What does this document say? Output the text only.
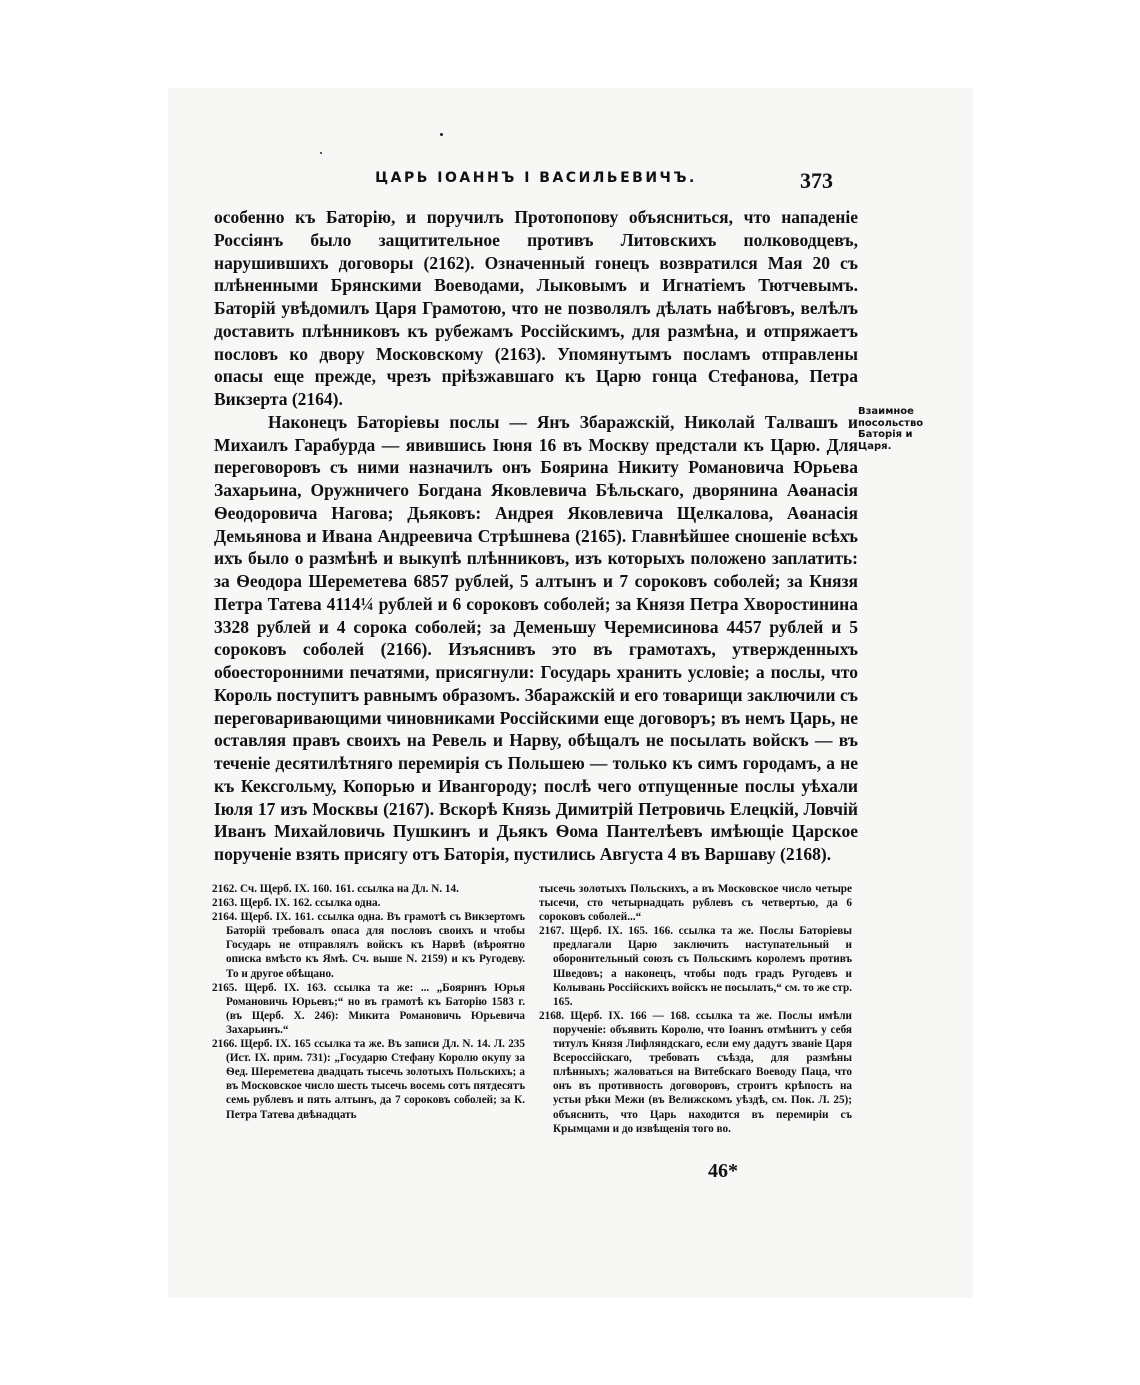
ЦАРЬ ІОАННЪ І ВАСИЛЬЕВИЧЪ.	373

особенно къ Баторію, и поручилъ Протопопову объясниться, что нападеніе Россіянъ было защитительное противъ Литовскихъ полководцевъ, нарушившихъ договоры (2162). Означенный гонецъ возвратился Мая 20 съ плѣненными Брянскими Воеводами, Лыковымъ и Игнатіемъ Тютчевымъ. Баторій увѣдомилъ Царя Грамотою, что не позволялъ дѣлать набѣговъ, велѣлъ доставить плѣнниковъ къ рубежамъ Россійскимъ, для размѣна, и отпряжаетъ пословъ ко двору Московскому (2163). Упомянутымъ посламъ отправлены опасы еще прежде, чрезъ пріѣзжавшаго къ Царю гонца Стефанова, Петра Викзерта (2164).

Наконецъ Баторіевы послы — Янъ Збаражскій, Николай Талвашъ и Михаилъ Гарабурда — явившись Іюня 16 въ Москву предстали къ Царю. Для переговоровъ съ ними назначилъ онъ Боярина Никиту Романовича Юрьева Захарьина, Оружничего Богдана Яковлевича Бѣльскаго, дворянина Аѳанасія Ѳеодоровича Нагова; Дьяковъ: Андрея Яковлевича Щелкалова, Аѳанасія Демьянова и Ивана Андреевича Стрѣшнева (2165). Главнѣйшее сношеніе всѣхъ ихъ было о размѣнѣ и выкупѣ плѣнниковъ, изъ которыхъ положено заплатить: за Ѳеодора Шереметева 6857 рублей, 5 алтынъ и 7 сороковъ соболей; за Князя Петра Татева 4114¼ рублей и 6 сороковъ соболей; за Князя Петра Хворостинина 3328 рублей и 4 сорока соболей; за Деменьшу Черемисинова 4457 рублей и 5 сороковъ соболей (2166). Изъяснивъ это въ грамотахъ, утвержденныхъ обоесторонними печатями, присягнули: Государь хранить условіе; а послы, что Король поступитъ равнымъ образомъ. Збаражскій и его товарищи заключили съ переговаривающими чиновниками Россійскими еще договоръ; въ немъ Царь, не оставляя правъ своихъ на Ревель и Нарву, обѣщалъ не посылать войскъ — въ теченіе десятилѣтняго перемирія съ Польшею — только къ симъ городамъ, а не къ Кексгольму, Копорью и Ивангороду; послѣ чего отпущенные послы уѣхали Іюля 17 изъ Москвы (2167). Вскорѣ Князь Димитрій Петровичь Елецкій, Ловчій Иванъ Михайловичь Пушкинъ и Дьякъ Ѳома Пантелѣевъ имѣющіе Царское порученіе взять присягу отъ Баторія, пустились Августа 4 въ Варшаву (2168).

Взаимное посольство Баторія и Царя.

2162. Сч. Щерб. IX. 160. 161. ссылка на Дл. N. 14.

2163. Щерб. IX. 162. ссылка одна.

2164. Щерб. IX. 161. ссылка одна. Въ грамотѣ съ Викзертомъ Баторій требовалъ опаса для пословъ своихъ и чтобы Государь не отправлялъ войскъ къ Нарвѣ (вѣроятно описка вмѣсто къ Ямѣ. Сч. выше N. 2159) и къ Ругодеву. То и другое обѣщано.

2165. Щерб. IX. 163. ссылка та же: ... „Бояринъ Юрья Романовичь Юрьевъ;“ но въ грамотѣ къ Баторію 1583 г. (въ Щерб. X. 246): Микита Романовичь Юрьевича Захарьинъ.“

2166. Щерб. IX. 165 ссылка та же. Въ записи Дл. N. 14. Л. 235 (Ист. IX. прим. 731): „Государю Стефану Королю окупу за Ѳед. Шереметева двадцать тысечь золотыхъ Польскихъ; а въ Московское число шесть тысечь восемь сотъ пятдесятъ семь рублевъ и пять алтынъ, да 7 сороковъ соболей; за К. Петра Татева двѣнадцать

тысечь золотыхъ Польскихъ, а въ Московское число четыре тысечи, сто четырнадцать рублевъ съ четвертью, да 6 сороковъ соболей...“

2167. Щерб. IX. 165. 166. ссылка та же. Послы Баторіевы предлагали Царю заключить наступательный и оборонительный союзъ съ Польскимъ королемъ противъ Шведовъ; а наконецъ, чтобы подъ градъ Ругодевъ и Колывань Россійскихъ войскъ не посылать,“ см. то же стр. 165.

2168. Щерб. IX. 166 — 168. ссылка та же. Послы имѣли порученіе: объявить Королю, что Іоаннъ отмѣнитъ у себя титулъ Князя Лифляндскаго, если ему дадутъ званіе Царя Всероссійскаго, требовать съѣзда, для размѣны плѣнныхъ; жаловаться на Витебскаго Воеводу Паца, что онъ въ противность договоровъ, строитъ крѣпость на устьи рѣки Межи (въ Велижскомъ уѣздѣ, см. Пок. Л. 25); объяснить, что Царь находится въ перемиріи съ Крымцами и до извѣщенія того во.

46*
